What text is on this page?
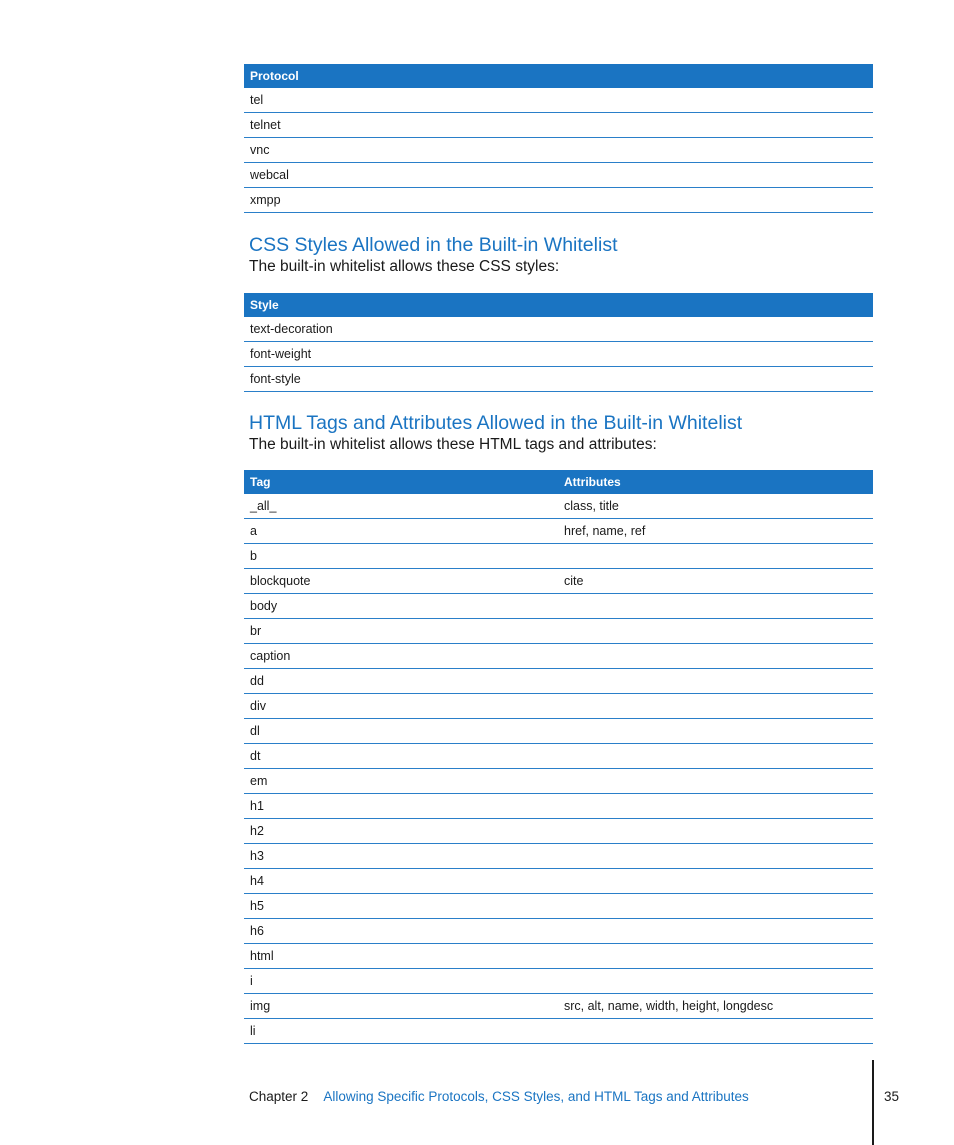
Protocol
tel
telnet
vnc
webcal
xmpp
CSS Styles Allowed in the Built-in Whitelist

The built-in whitelist allows these CSS styles:

Style
text-decoration
font-weight
font-style
HTML Tags and Attributes Allowed in the Built-in Whitelist

The built-in whitelist allows these HTML tags and attributes:

Tag	Attributes
_all_	class, title
a	href, name, ref
b	
blockquote	cite
body	
br	
caption	
dd	
div	
dl	
dt	
em	
h1	
h2	
h3	
h4	
h5	
h6	
html	
i	
img	src, alt, name, width, height, longdesc
li	
Chapter 2 Allowing Specific Protocols, CSS Styles, and HTML Tags and Attributes	35
